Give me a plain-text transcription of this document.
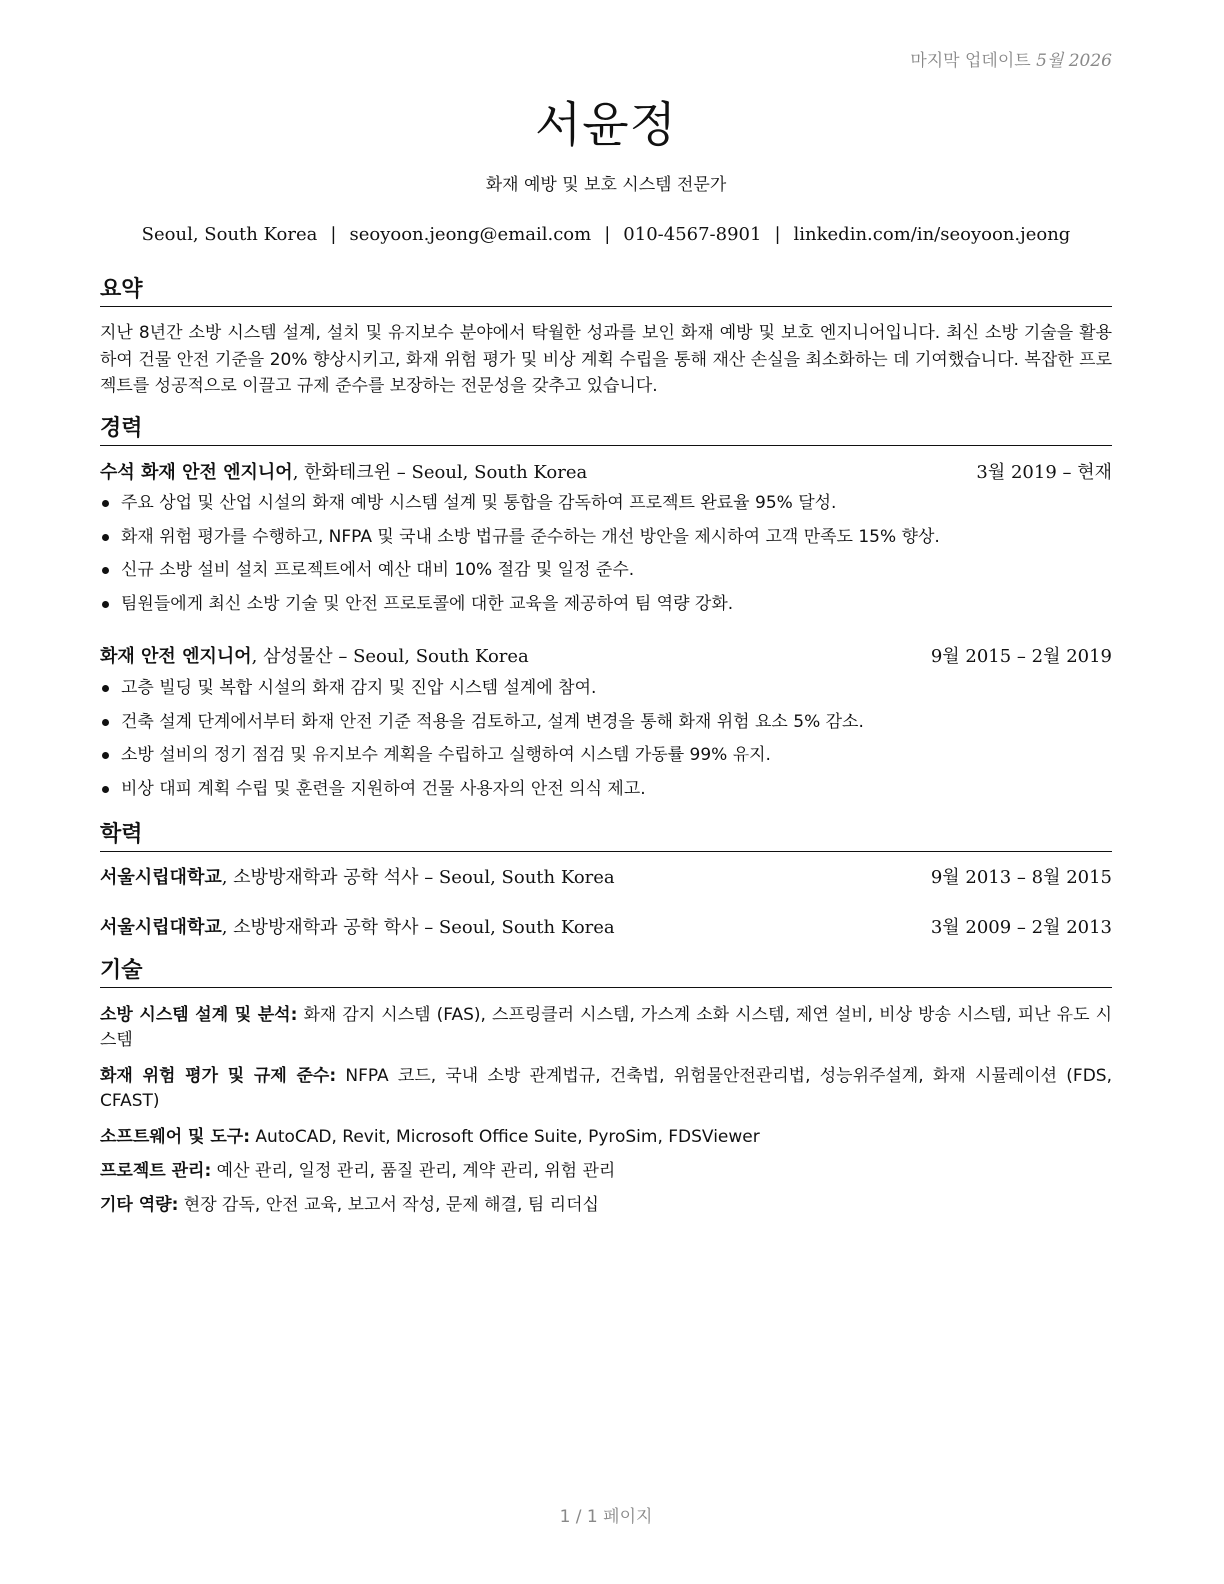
마지막 업데이트 5월 2026
서윤정
화재 예방 및 보호 시스템 전문가
Seoul, South Korea | seoyoon.jeong@email.com | 010-4567-8901 | linkedin.com/in/seoyoon.jeong
요약
지난 8년간 소방 시스템 설계, 설치 및 유지보수 분야에서 탁월한 성과를 보인 화재 예방 및 보호 엔지니어입니다. 최신 소방 기술을 활용하여 건물 안전 기준을 20% 향상시키고, 화재 위험 평가 및 비상 계획 수립을 통해 재산 손실을 최소화하는 데 기여했습니다. 복잡한 프로젝트를 성공적으로 이끌고 규제 준수를 보장하는 전문성을 갖추고 있습니다.
경력
수석 화재 안전 엔지니어, 한화테크윈 – Seoul, South Korea	3월 2019 – 현재
주요 상업 및 산업 시설의 화재 예방 시스템 설계 및 통합을 감독하여 프로젝트 완료율 95% 달성.
화재 위험 평가를 수행하고, NFPA 및 국내 소방 법규를 준수하는 개선 방안을 제시하여 고객 만족도 15% 향상.
신규 소방 설비 설치 프로젝트에서 예산 대비 10% 절감 및 일정 준수.
팀원들에게 최신 소방 기술 및 안전 프로토콜에 대한 교육을 제공하여 팀 역량 강화.
화재 안전 엔지니어, 삼성물산 – Seoul, South Korea	9월 2015 – 2월 2019
고층 빌딩 및 복합 시설의 화재 감지 및 진압 시스템 설계에 참여.
건축 설계 단계에서부터 화재 안전 기준 적용을 검토하고, 설계 변경을 통해 화재 위험 요소 5% 감소.
소방 설비의 정기 점검 및 유지보수 계획을 수립하고 실행하여 시스템 가동률 99% 유지.
비상 대피 계획 수립 및 훈련을 지원하여 건물 사용자의 안전 의식 제고.
학력
서울시립대학교, 소방방재학과 공학 석사 – Seoul, South Korea	9월 2013 – 8월 2015
서울시립대학교, 소방방재학과 공학 학사 – Seoul, South Korea	3월 2009 – 2월 2013
기술
소방 시스템 설계 및 분석: 화재 감지 시스템 (FAS), 스프링클러 시스템, 가스계 소화 시스템, 제연 설비, 비상 방송 시스템, 피난 유도 시스템
화재 위험 평가 및 규제 준수: NFPA 코드, 국내 소방 관계법규, 건축법, 위험물안전관리법, 성능위주설계, 화재 시뮬레이션 (FDS, CFAST)
소프트웨어 및 도구: AutoCAD, Revit, Microsoft Office Suite, PyroSim, FDSViewer
프로젝트 관리: 예산 관리, 일정 관리, 품질 관리, 계약 관리, 위험 관리
기타 역량: 현장 감독, 안전 교육, 보고서 작성, 문제 해결, 팀 리더십
1 / 1 페이지
